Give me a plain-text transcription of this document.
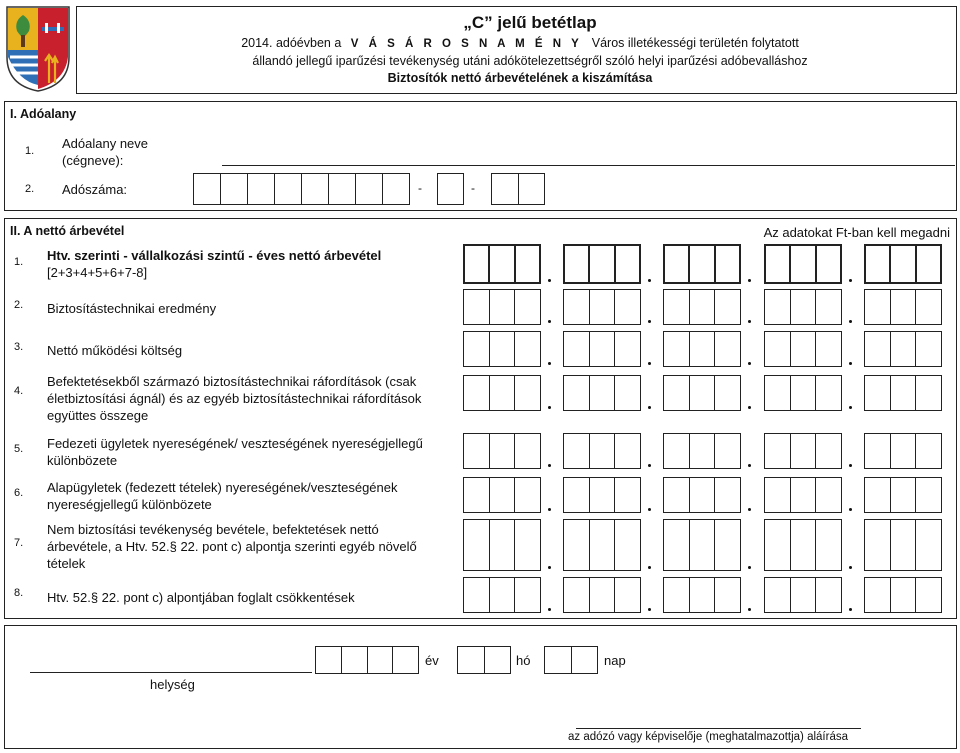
„C” jelű betétlap
2014. adóévben a V Á S Á R O S N A M É N Y Város illetékességi területén folytatott
állandó jellegű iparűzési tevékenység utáni adókötelezettségről szóló helyi iparűzési adóbevalláshoz
Biztosítók nettó árbevételének a kiszámítása
I. Adóalany
1. Adóalany neve
(cégneve):
2. Adószáma:	-	-
II. A nettó árbevétel	Az adatokat Ft-ban kell megadni
1. Htv. szerinti - vállalkozási szintű - éves nettó árbevétel
[2+3+4+5+6+7-8]
2. Biztosítástechnikai eredmény
3. Nettó működési költség
4.
Befektetésekből származó biztosítástechnikai ráfordítások (csak
életbiztosítási ágnál) és az egyéb biztosítástechnikai ráfordítások
együttes összege
5. Fedezeti ügyletek nyereségének/ veszteségének nyereségjellegű
különbözete
6. Alapügyletek (fedezett tételek) nyereségének/veszteségének
nyereségjellegű különbözete
7.
Nem biztosítási tevékenység bevétele, befektetések nettó
árbevétele, a Htv. 52.§ 22. pont c) alpontja szerinti egyéb növelő
tételek
8. Htv. 52.§ 22. pont c) alpontjában foglalt csökkentések
helység
év	hó	nap
az adózó vagy képviselője (meghatalmazottja) aláírása
